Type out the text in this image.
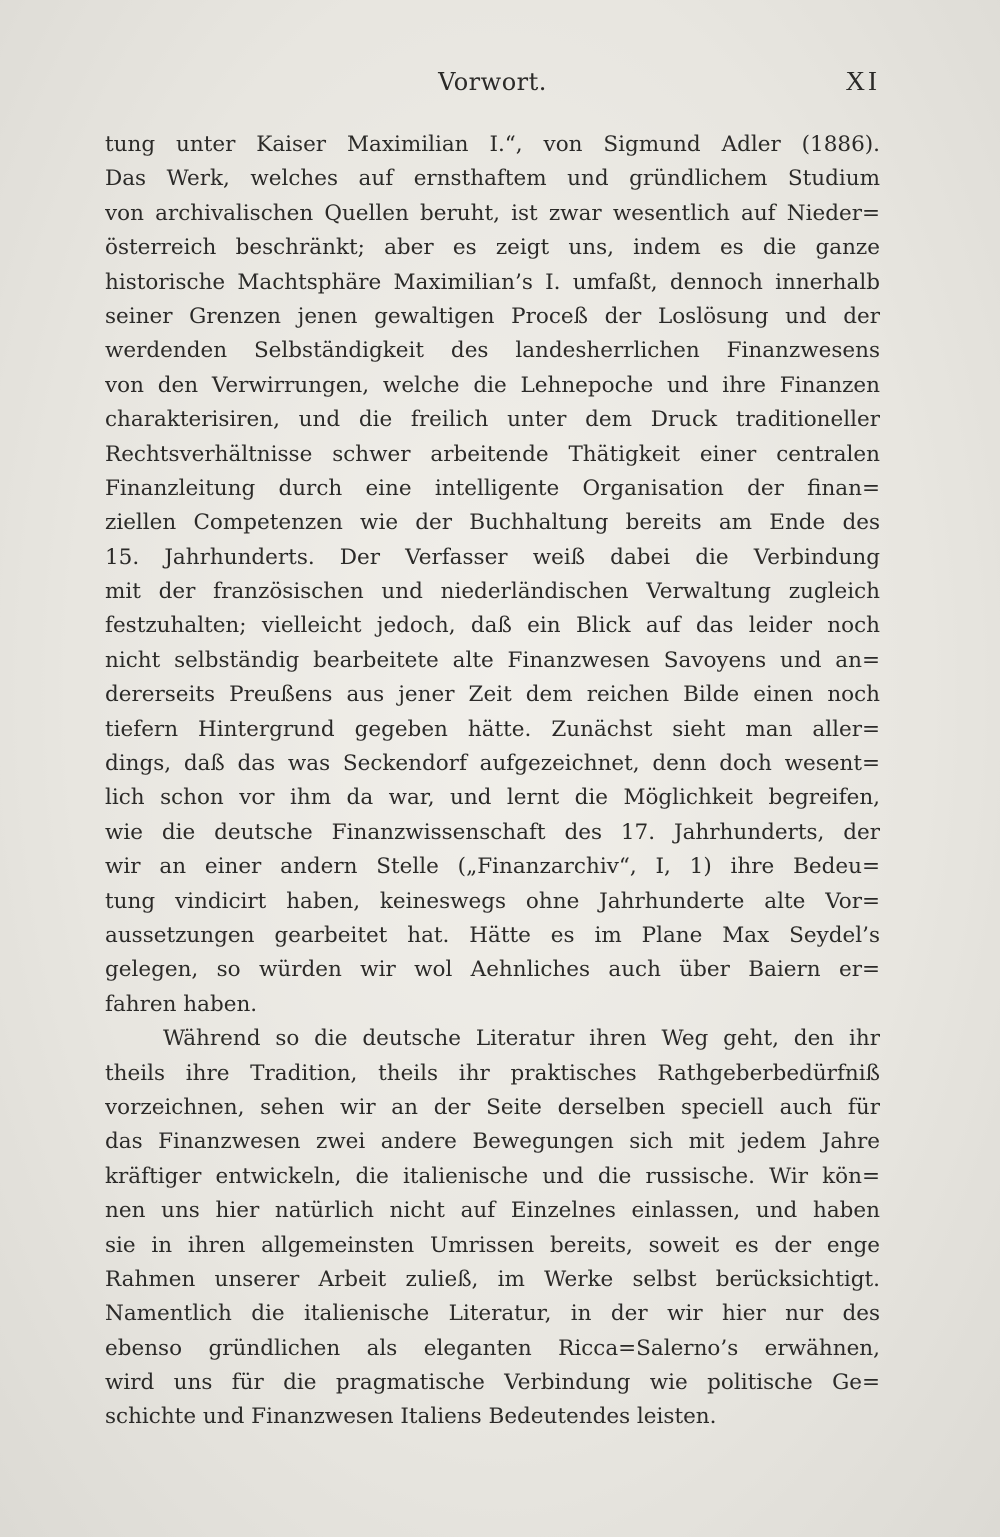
Vorwort.	XI
tung unter Kaiser Maximilian I.“, von Sigmund Adler (1886).
Das Werk, welches auf ernsthaftem und gründlichem Studium
von archivalischen Quellen beruht, ist zwar wesentlich auf Nieder=
österreich beschränkt; aber es zeigt uns, indem es die ganze
historische Machtsphäre Maximilian’s I. umfaßt, dennoch innerhalb
seiner Grenzen jenen gewaltigen Proceß der Loslösung und der
werdenden Selbständigkeit des landesherrlichen Finanzwesens
von den Verwirrungen, welche die Lehnepoche und ihre Finanzen
charakterisiren, und die freilich unter dem Druck traditioneller
Rechtsverhältnisse schwer arbeitende Thätigkeit einer centralen
Finanzleitung durch eine intelligente Organisation der finan=
ziellen Competenzen wie der Buchhaltung bereits am Ende des
15. Jahrhunderts. Der Verfasser weiß dabei die Verbindung
mit der französischen und niederländischen Verwaltung zugleich
festzuhalten; vielleicht jedoch, daß ein Blick auf das leider noch
nicht selbständig bearbeitete alte Finanzwesen Savoyens und an=
dererseits Preußens aus jener Zeit dem reichen Bilde einen noch
tiefern Hintergrund gegeben hätte. Zunächst sieht man aller=
dings, daß das was Seckendorf aufgezeichnet, denn doch wesent=
lich schon vor ihm da war, und lernt die Möglichkeit begreifen,
wie die deutsche Finanzwissenschaft des 17. Jahrhunderts, der
wir an einer andern Stelle („Finanzarchiv“, I, 1) ihre Bedeu=
tung vindicirt haben, keineswegs ohne Jahrhunderte alte Vor=
aussetzungen gearbeitet hat. Hätte es im Plane Max Seydel’s
gelegen, so würden wir wol Aehnliches auch über Baiern er=
fahren haben.
Während so die deutsche Literatur ihren Weg geht, den ihr
theils ihre Tradition, theils ihr praktisches Rathgeberbedürfniß
vorzeichnen, sehen wir an der Seite derselben speciell auch für
das Finanzwesen zwei andere Bewegungen sich mit jedem Jahre
kräftiger entwickeln, die italienische und die russische. Wir kön=
nen uns hier natürlich nicht auf Einzelnes einlassen, und haben
sie in ihren allgemeinsten Umrissen bereits, soweit es der enge
Rahmen unserer Arbeit zuließ, im Werke selbst berücksichtigt.
Namentlich die italienische Literatur, in der wir hier nur des
ebenso gründlichen als eleganten Ricca=Salerno’s erwähnen,
wird uns für die pragmatische Verbindung wie politische Ge=
schichte und Finanzwesen Italiens Bedeutendes leisten.
